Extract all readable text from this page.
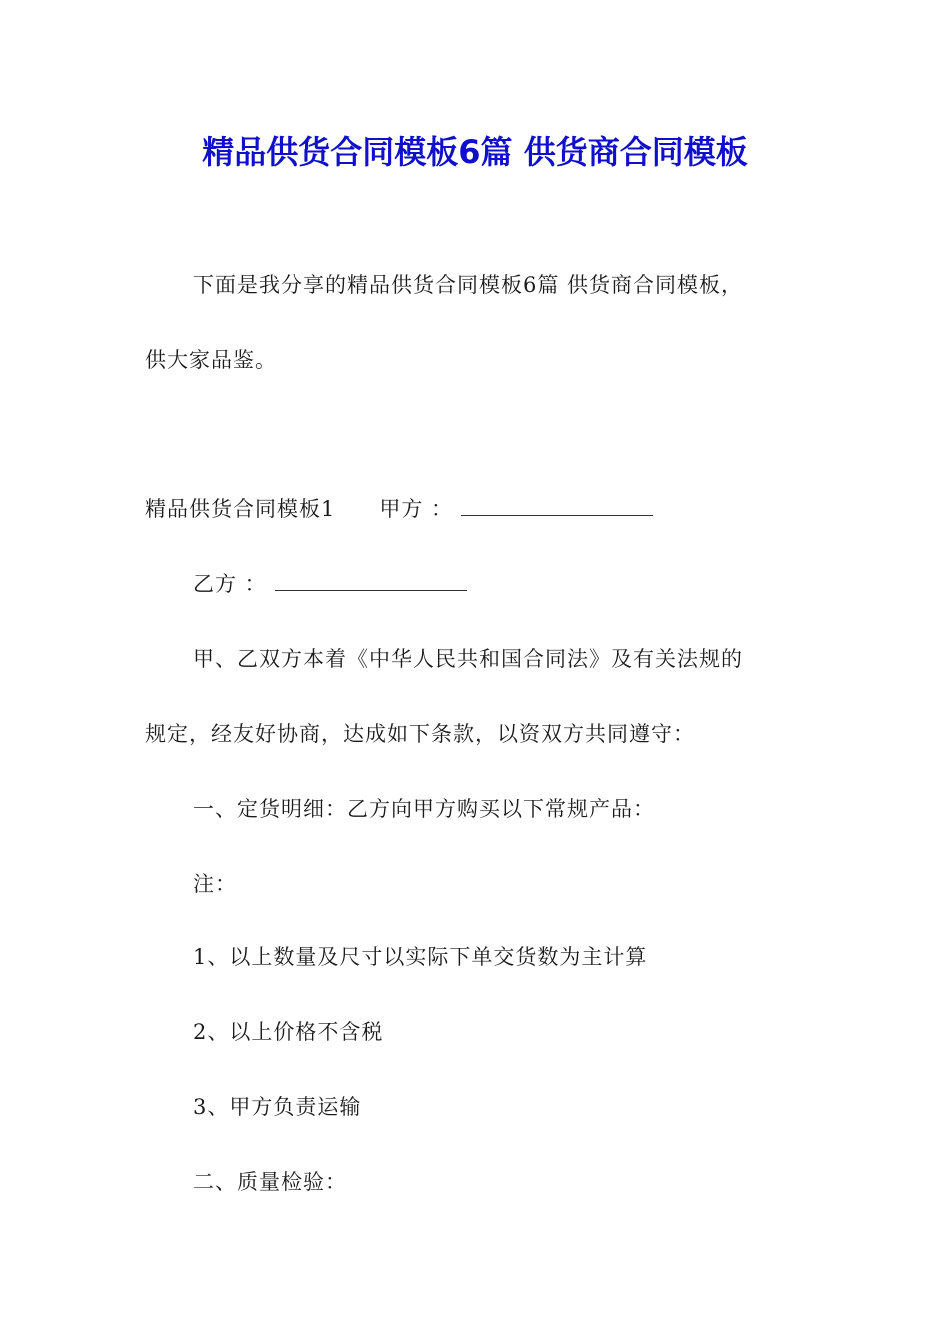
精品供货合同模板6篇 供货商合同模板
下面是我分享的精品供货合同模板6篇 供货商合同模板，
供大家品鉴。
精品供货合同模板1 甲方 ：
乙方 ：
甲、乙双方本着《中华人民共和国合同法》及有关法规的
规定，经友好协商，达成如下条款，以资双方共同遵守：
一、定货明细：乙方向甲方购买以下常规产品：
注：
1、以上数量及尺寸以实际下单交货数为主计算
2、以上价格不含税
3、甲方负责运输
二、质量检验：
